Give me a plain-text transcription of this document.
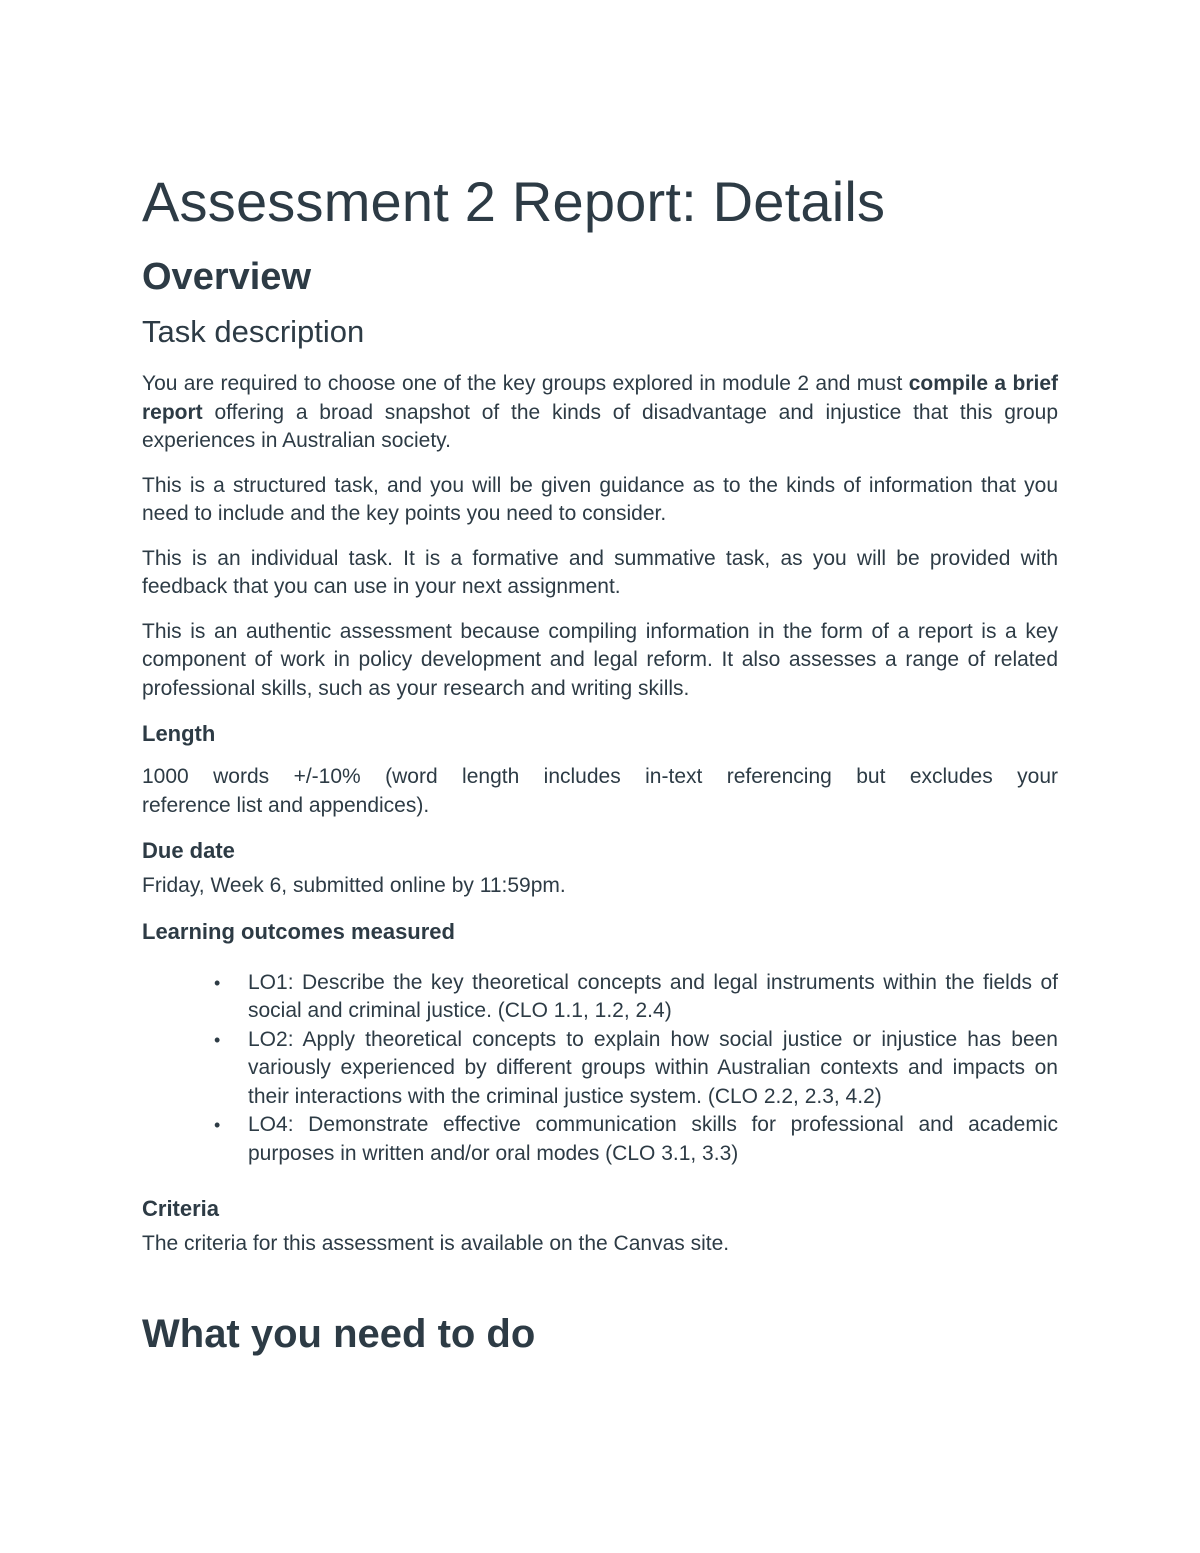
Assessment 2 Report: Details
Overview
Task description

You are required to choose one of the key groups explored in module 2 and must compile a brief report offering a broad snapshot of the kinds of disadvantage and injustice that this group experiences in Australian society.

This is a structured task, and you will be given guidance as to the kinds of information that you need to include and the key points you need to consider.

This is an individual task. It is a formative and summative task, as you will be provided with feedback that you can use in your next assignment.

This is an authentic assessment because compiling information in the form of a report is a key component of work in policy development and legal reform. It also assesses a range of related professional skills, such as your research and writing skills.

Length

1000 words +/-10% (word length includes in-text referencing but excludes your
reference list and appendices).

Due date

Friday, Week 6, submitted online by 11:59pm.

Learning outcomes measured
• LO1: Describe the key theoretical concepts and legal instruments within the fields of social and criminal justice. (CLO 1.1, 1.2, 2.4)
• LO2: Apply theoretical concepts to explain how social justice or injustice has been variously experienced by different groups within Australian contexts and impacts on their interactions with the criminal justice system. (CLO 2.2, 2.3, 4.2)
• LO4: Demonstrate effective communication skills for professional and academic purposes in written and/or oral modes (CLO 3.1, 3.3)
Criteria

The criteria for this assessment is available on the Canvas site.

What you need to do
